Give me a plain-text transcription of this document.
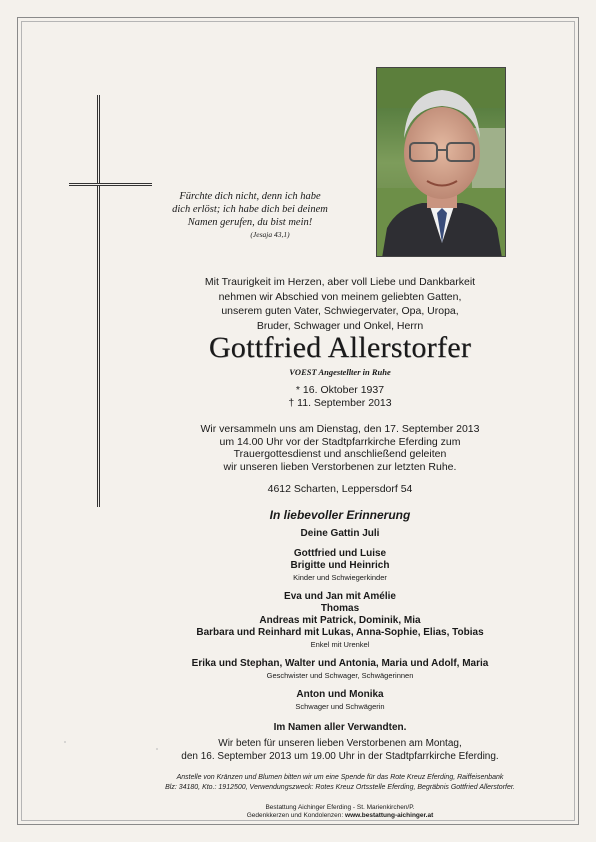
Fürchte dich nicht, denn ich habe
dich erlöst; ich habe dich bei deinem
Namen gerufen, du bist mein!
(Jesaja 43,1)
Mit Traurigkeit im Herzen, aber voll Liebe und Dankbarkeit
nehmen wir Abschied von meinem geliebten Gatten,
unserem guten Vater, Schwiegervater, Opa, Uropa,
Bruder, Schwager und Onkel, Herrn
Gottfried Allerstorfer
VOEST Angestellter in Ruhe
* 16. Oktober 1937
† 11. September 2013
Wir versammeln uns am Dienstag, den 17. September 2013
um 14.00 Uhr vor der Stadtpfarrkirche Eferding zum
Trauergottesdienst und anschließend geleiten
wir unseren lieben Verstorbenen zur letzten Ruhe.
4612 Scharten, Leppersdorf 54
In liebevoller Erinnerung
Deine Gattin Juli
Gottfried und Luise
Brigitte und Heinrich
Kinder und Schwiegerkinder
Eva und Jan mit Amélie
Thomas
Andreas mit Patrick, Dominik, Mia
Barbara und Reinhard mit Lukas, Anna-Sophie, Elias, Tobias
Enkel mit Urenkel
Erika und Stephan, Walter und Antonia, Maria und Adolf, Maria
Geschwister und Schwager, Schwägerinnen
Anton und Monika
Schwager und Schwägerin
Im Namen aller Verwandten.
Wir beten für unseren lieben Verstorbenen am Montag,
den 16. September 2013 um 19.00 Uhr in der Stadtpfarrkirche Eferding.
Anstelle von Kränzen und Blumen bitten wir um eine Spende für das Rote Kreuz Eferding, Raiffeisenbank
Blz: 34180, Kto.: 1912500, Verwendungszweck: Rotes Kreuz Ortsstelle Eferding, Begräbnis Gottfried Allerstorfer.
Bestattung Aichinger Eferding - St. Marienkirchen/P.
Gedenkkerzen und Kondolenzen: www.bestattung-aichinger.at
